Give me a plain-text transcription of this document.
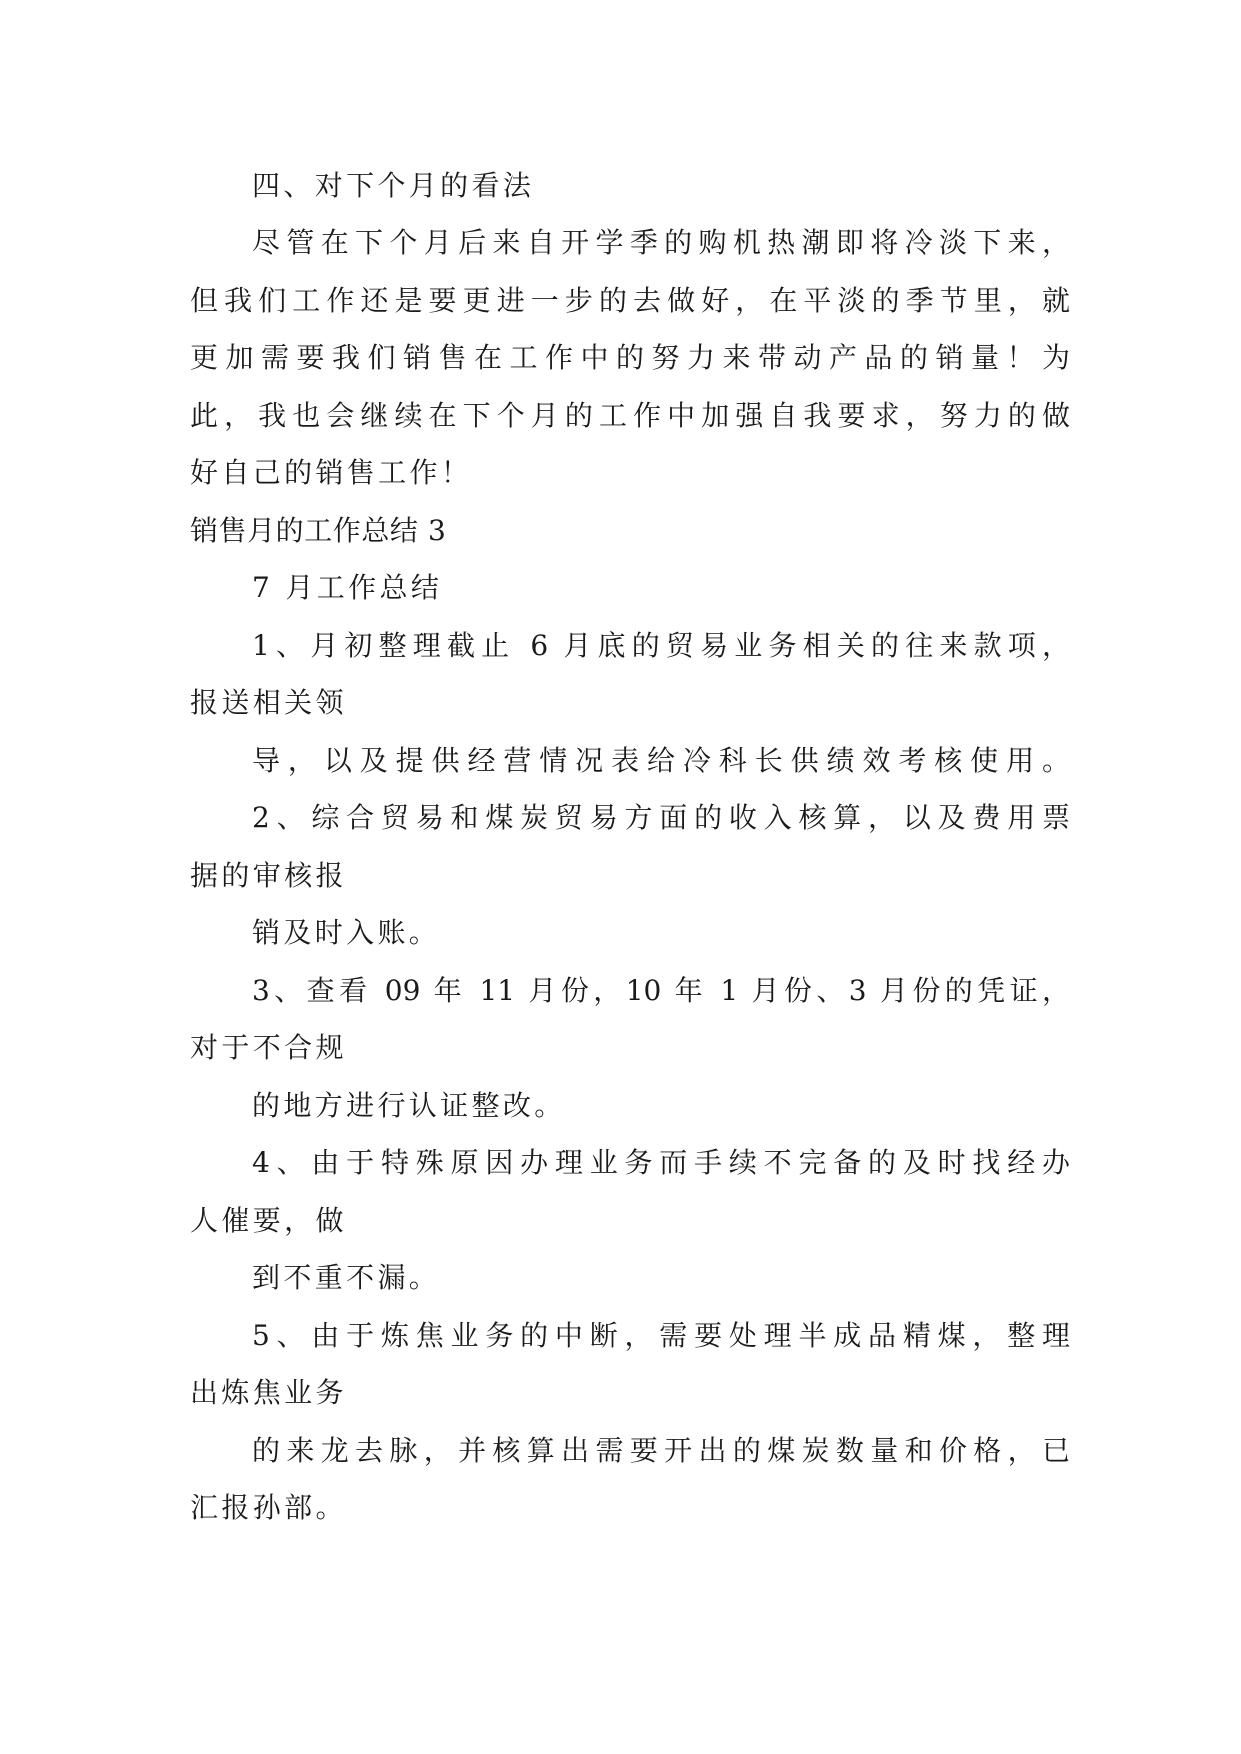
四、对下个月的看法
尽管在下个月后来自开学季的购机热潮即将冷淡下来，
但我们工作还是要更进一步的去做好，在平淡的季节里，就
更加需要我们销售在工作中的努力来带动产品的销量！为
此，我也会继续在下个月的工作中加强自我要求，努力的做
好自己的销售工作！
销售月的工作总结 3
7 月工作总结
1、月初整理截止 6 月底的贸易业务相关的往来款项，
报送相关领
导，以及提供经营情况表给冷科长供绩效考核使用。
2、综合贸易和煤炭贸易方面的收入核算，以及费用票
据的审核报
销及时入账。
3、查看 09 年 11 月份，10 年 1 月份、3 月份的凭证，
对于不合规
的地方进行认证整改。
4、由于特殊原因办理业务而手续不完备的及时找经办
人催要，做
到不重不漏。
5、由于炼焦业务的中断，需要处理半成品精煤，整理
出炼焦业务
的来龙去脉，并核算出需要开出的煤炭数量和价格，已
汇报孙部。
